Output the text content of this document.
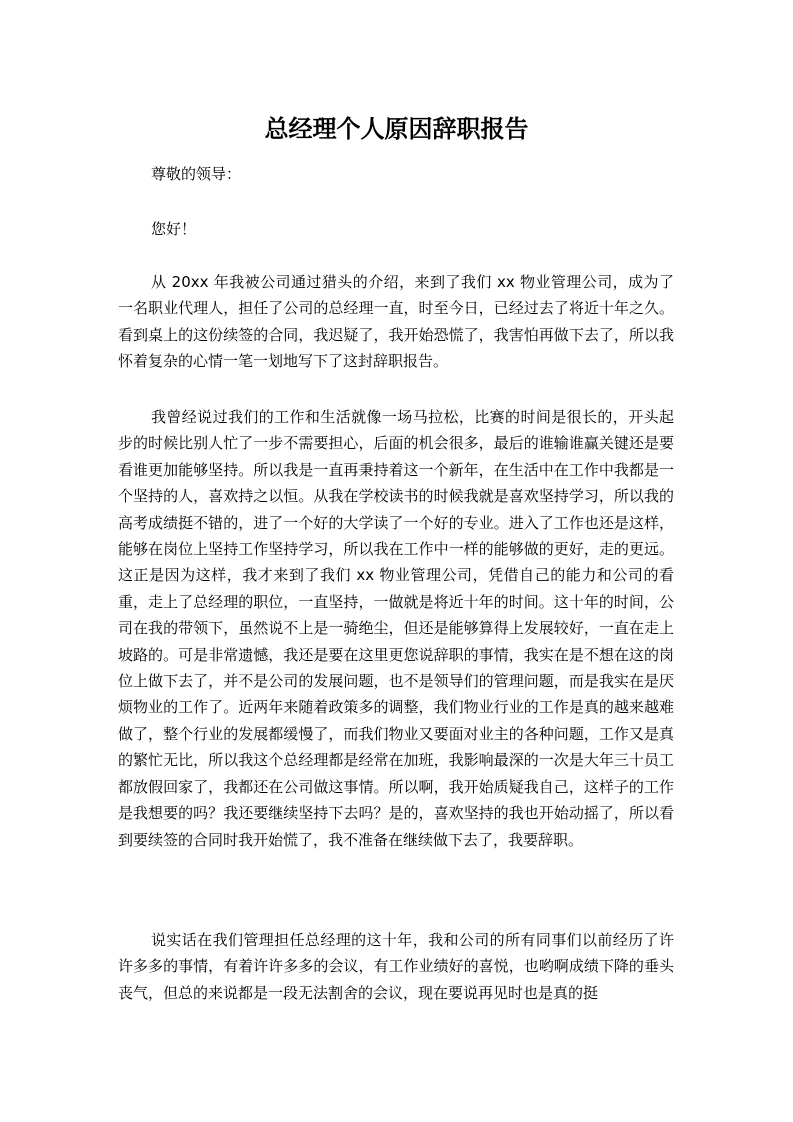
总经理个人原因辞职报告

尊敬的领导：

您好！

从 20xx 年我被公司通过猎头的介绍，来到了我们 xx 物业管理公司，成为了一名职业代理人，担任了公司的总经理一直，时至今日，已经过去了将近十年之久。看到桌上的这份续签的合同，我迟疑了，我开始恐慌了，我害怕再做下去了，所以我怀着复杂的心情一笔一划地写下了这封辞职报告。

我曾经说过我们的工作和生活就像一场马拉松，比赛的时间是很长的，开头起步的时候比别人忙了一步不需要担心，后面的机会很多，最后的谁输谁赢关键还是要看谁更加能够坚持。所以我是一直再秉持着这一个新年，在生活中在工作中我都是一个坚持的人，喜欢持之以恒。从我在学校读书的时候我就是喜欢坚持学习，所以我的高考成绩挺不错的，进了一个好的大学读了一个好的专业。进入了工作也还是这样，能够在岗位上坚持工作坚持学习，所以我在工作中一样的能够做的更好，走的更远。这正是因为这样，我才来到了我们 xx 物业管理公司，凭借自己的能力和公司的看重，走上了总经理的职位，一直坚持，一做就是将近十年的时间。这十年的时间，公司在我的带领下，虽然说不上是一骑绝尘，但还是能够算得上发展较好，一直在走上坡路的。可是非常遗憾，我还是要在这里更您说辞职的事情，我实在是不想在这的岗位上做下去了，并不是公司的发展问题，也不是领导们的管理问题，而是我实在是厌烦物业的工作了。近两年来随着政策多的调整，我们物业行业的工作是真的越来越难做了，整个行业的发展都缓慢了，而我们物业又要面对业主的各种问题，工作又是真的繁忙无比，所以我这个总经理都是经常在加班，我影响最深的一次是大年三十员工都放假回家了，我都还在公司做这事情。所以啊，我开始质疑我自己，这样子的工作是我想要的吗？我还要继续坚持下去吗？是的，喜欢坚持的我也开始动摇了，所以看到要续签的合同时我开始慌了，我不准备在继续做下去了，我要辞职。

说实话在我们管理担任总经理的这十年，我和公司的所有同事们以前经历了许许多多的事情，有着许许多多的会议，有工作业绩好的喜悦，也哟啊成绩下降的垂头丧气，但总的来说都是一段无法割舍的会议，现在要说再见时也是真的挺
